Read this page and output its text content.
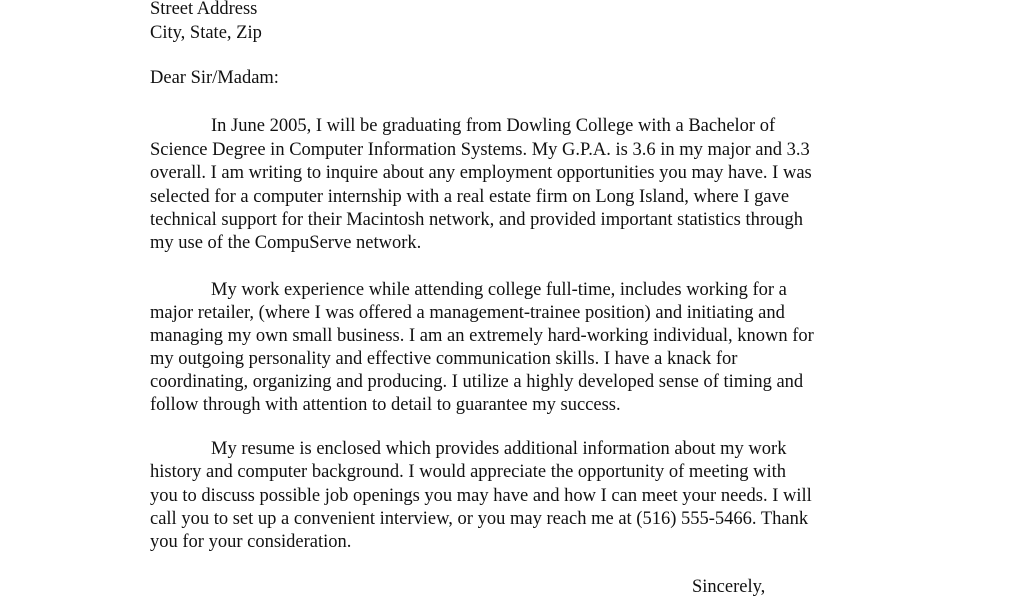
Street Address
City, State, Zip
Dear Sir/Madam:
In June 2005, I will be graduating from Dowling College with a Bachelor of
Science Degree in Computer Information Systems. My G.P.A. is 3.6 in my major and 3.3
overall. I am writing to inquire about any employment opportunities you may have. I was
selected for a computer internship with a real estate firm on Long Island, where I gave
technical support for their Macintosh network, and provided important statistics through
my use of the CompuServe network.
My work experience while attending college full-time, includes working for a
major retailer, (where I was offered a management-trainee position) and initiating and
managing my own small business. I am an extremely hard-working individual, known for
my outgoing personality and effective communication skills. I have a knack for
coordinating, organizing and producing. I utilize a highly developed sense of timing and
follow through with attention to detail to guarantee my success.
My resume is enclosed which provides additional information about my work
history and computer background. I would appreciate the opportunity of meeting with
you to discuss possible job openings you may have and how I can meet your needs. I will
call you to set up a convenient interview, or you may reach me at (516) 555-5466. Thank
you for your consideration.
Sincerely,
